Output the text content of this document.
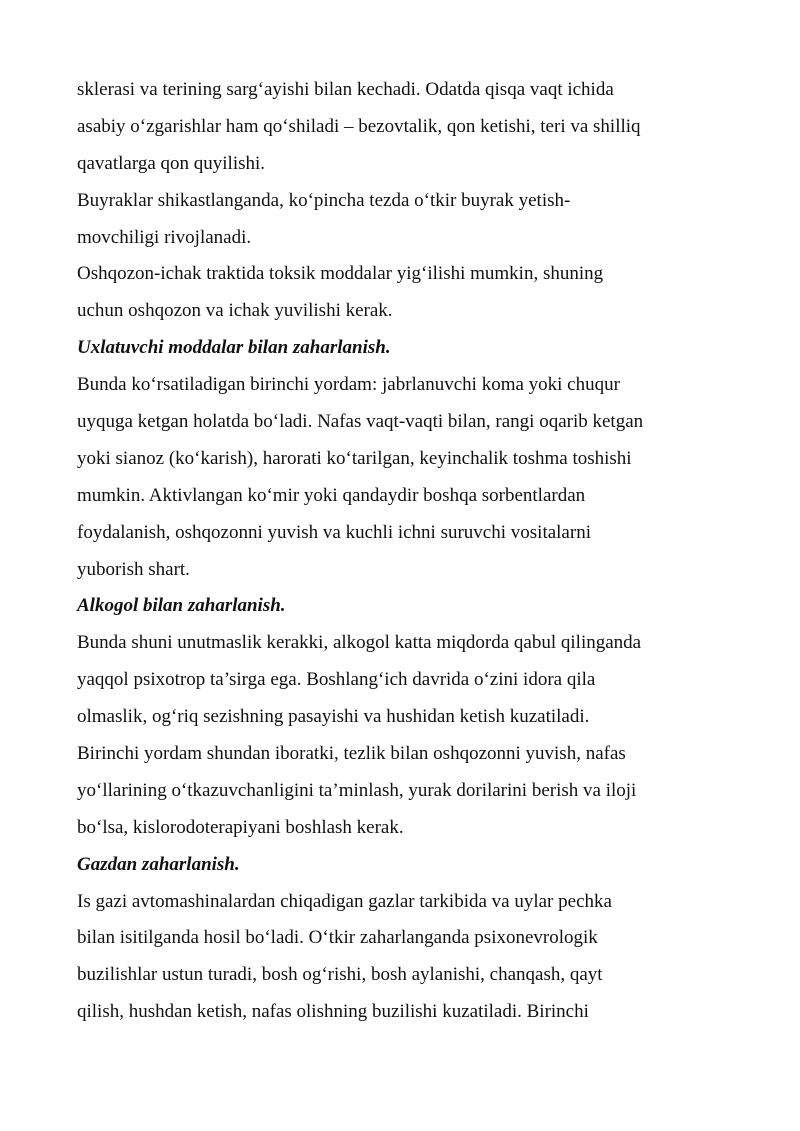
sklerasi va terining sarg‘ayishi bilan kechadi. Odatda qisqa vaqt ichida
asabiy o‘zgarishlar ham qo‘shiladi – bezovtalik, qon ketishi, teri va shilliq
qavatlarga qon quyilishi.
Buyraklar shikastlanganda, ko‘pincha tezda o‘tkir buyrak yetish-
movchiligi rivojlanadi.
Oshqozon-ichak traktida toksik moddalar yig‘ilishi mumkin, shuning
uchun oshqozon va ichak yuvilishi kerak.
Uxlatuvchi moddalar bilan zaharlanish.
Bunda ko‘rsatiladigan birinchi yordam: jabrlanuvchi koma yoki chuqur
uyquga ketgan holatda bo‘ladi. Nafas vaqt-vaqti bilan, rangi oqarib ketgan
yoki sianoz (ko‘karish), harorati ko‘tarilgan, keyinchalik toshma toshishi
mumkin. Aktivlangan ko‘mir yoki qandaydir boshqa sorbentlardan
foydalanish, oshqozonni yuvish va kuchli ichni suruvchi vositalarni
yuborish shart.
Alkogol bilan zaharlanish.
Bunda shuni unutmaslik kerakki, alkogol katta miqdorda qabul qilinganda
yaqqol psixotrop ta’sirga ega. Boshlang‘ich davrida o‘zini idora qila
olmaslik, og‘riq sezishning pasayishi va hushidan ketish kuzatiladi.
Birinchi yordam shundan iboratki, tezlik bilan oshqozonni yuvish, nafas
yo‘llarining o‘tkazuvchanligini ta’minlash, yurak dorilarini berish va iloji
bo‘lsa, kislorodoterapiyani boshlash kerak.
Gazdan zaharlanish.
Is gazi avtomashinalardan chiqadigan gazlar tarkibida va uylar pechka
bilan isitilganda hosil bo‘ladi. O‘tkir zaharlanganda psixonevrologik
buzilishlar ustun turadi, bosh og‘rishi, bosh aylanishi, chanqash, qayt
qilish, hushdan ketish, nafas olishning buzilishi kuzatiladi. Birinchi
